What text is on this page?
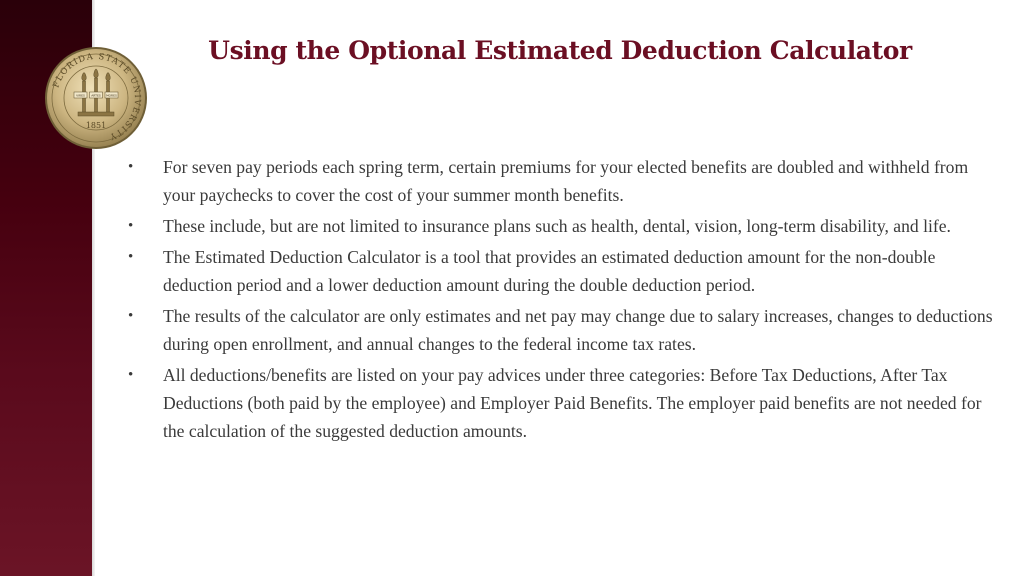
FLORIDA STATE UNIVERSITY
VIRES ARTES MORES
1851
Using the Optional Estimated Deduction Calculator
•	For seven pay periods each spring term, certain premiums for your elected benefits are doubled and withheld from your paychecks to cover the cost of your summer month benefits.
•	These include, but are not limited to insurance plans such as health, dental, vision, long-term disability, and life.
•	The Estimated Deduction Calculator is a tool that provides an estimated deduction amount for the non-double deduction period and a lower deduction amount during the double deduction period.
•	The results of the calculator are only estimates and net pay may change due to salary increases, changes to deductions during open enrollment, and annual changes to the federal income tax rates.
•	All deductions/benefits are listed on your pay advices under three categories: Before Tax Deductions, After Tax Deductions (both paid by the employee) and Employer Paid Benefits. The employer paid benefits are not needed for the calculation of the suggested deduction amounts.
